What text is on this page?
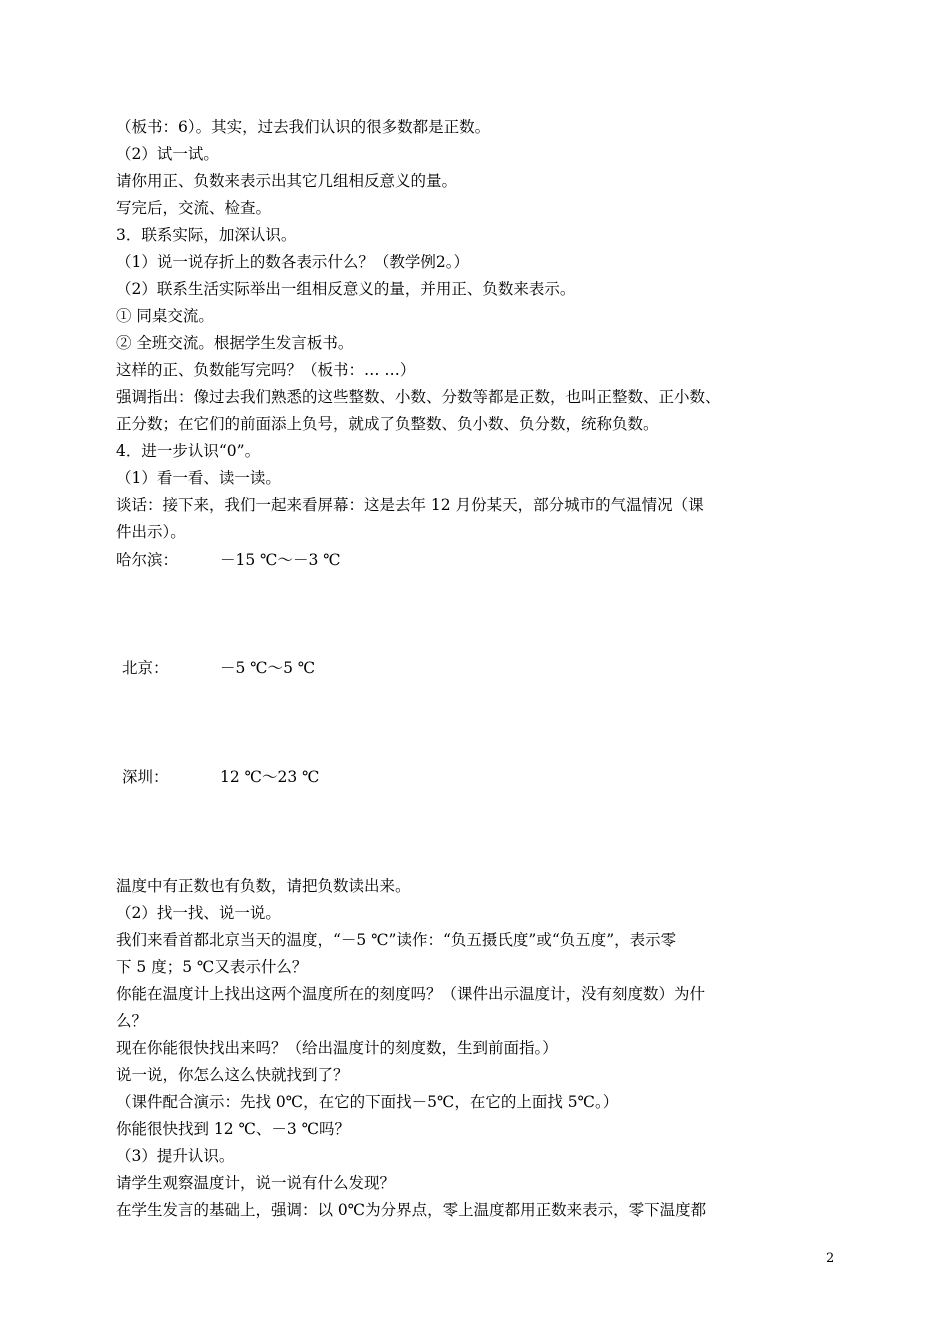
（板书：6）。其实，过去我们认识的很多数都是正数。
（2）试一试。
请你用正、负数来表示出其它几组相反意义的量。
写完后，交流、检查。
3．联系实际，加深认识。
（1）说一说存折上的数各表示什么？（教学例2。）
（2）联系生活实际举出一组相反意义的量，并用正、负数来表示。
① 同桌交流。
② 全班交流。根据学生发言板书。
这样的正、负数能写完吗？（板书：… …）
强调指出：像过去我们熟悉的这些整数、小数、分数等都是正数，也叫正整数、正小数、
正分数；在它们的前面添上负号，就成了负整数、负小数、负分数，统称负数。
4．进一步认识“0”。
（1）看一看、读一读。
谈话：接下来，我们一起来看屏幕：这是去年 12 月份某天，部分城市的气温情况（课
件出示）。
哈尔滨：	－15 ℃～－3 ℃
北京：	－5 ℃～5 ℃
深圳：	12 ℃～23 ℃
温度中有正数也有负数，请把负数读出来。
（2）找一找、说一说。
我们来看首都北京当天的温度，“－5 ℃”读作：“负五摄氏度”或“负五度”，表示零
下 5 度；5 ℃又表示什么？
你能在温度计上找出这两个温度所在的刻度吗？（课件出示温度计，没有刻度数）为什
么？
现在你能很快找出来吗？（给出温度计的刻度数，生到前面指。）
说一说，你怎么这么快就找到了？
（课件配合演示：先找 0℃，在它的下面找－5℃，在它的上面找 5℃。）
你能很快找到 12 ℃、－3 ℃吗？
（3）提升认识。
请学生观察温度计，说一说有什么发现？
在学生发言的基础上，强调：以 0℃为分界点，零上温度都用正数来表示，零下温度都
2
